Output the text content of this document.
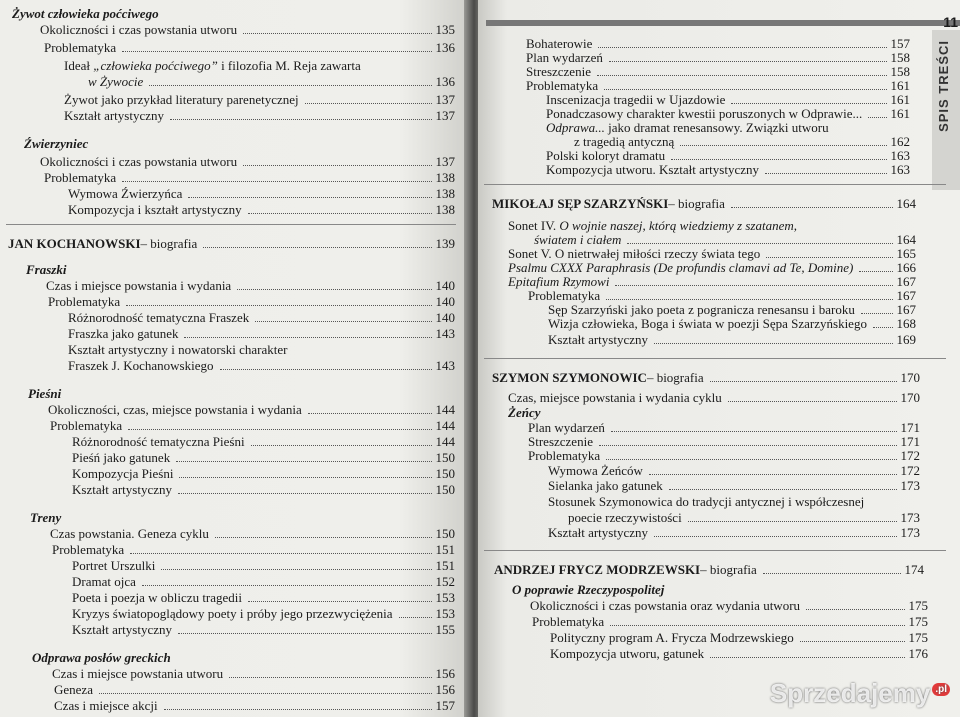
Żywot człowieka poćciwego
Okoliczności i czas powstania utworu	135
Problematyka	136
Ideał „człowieka poćciwego” i filozofia M. Reja zawarta
w Żywocie	136
Żywot jako przykład literatury parenetycznej	137
Kształt artystyczny	137
Źwierzyniec
Okoliczności i czas powstania utworu	137
Problematyka	138
Wymowa Źwierzyńca	138
Kompozycja i kształt artystyczny	138
JAN KOCHANOWSKI – biografia	139
Fraszki
Czas i miejsce powstania i wydania	140
Problematyka	140
Różnorodność tematyczna Fraszek	140
Fraszka jako gatunek	143
Kształt artystyczny i nowatorski charakter
Fraszek J. Kochanowskiego	143
Pieśni
Okoliczności, czas, miejsce powstania i wydania	144
Problematyka	144
Różnorodność tematyczna Pieśni	144
Pieśń jako gatunek	150
Kompozycja Pieśni	150
Kształt artystyczny	150
Treny
Czas powstania. Geneza cyklu	150
Problematyka	151
Portret Urszulki	151
Dramat ojca	152
Poeta i poezja w obliczu tragedii	153
Kryzys światopoglądowy poety i próby jego przezwyciężenia	153
Kształt artystyczny	155
Odprawa posłów greckich
Czas i miejsce powstania utworu	156
Geneza	156
Czas i miejsce akcji	157
11
SPIS TREŚCI
Bohaterowie	157
Plan wydarzeń	158
Streszczenie	158
Problematyka	161
Inscenizacja tragedii w Ujazdowie	161
Ponadczasowy charakter kwestii poruszonych w Odprawie... 161
Odprawa... jako dramat renesansowy. Związki utworu
z tragedią antyczną	162
Polski koloryt dramatu	163
Kompozycja utworu. Kształt artystyczny	163
MIKOŁAJ SĘP SZARZYŃSKI – biografia	164
Sonet IV. O wojnie naszej, którą wiedziemy z szatanem,
światem i ciałem	164
Sonet V. O nietrwałej miłości rzeczy świata tego	165
Psalmu CXXX Paraphrasis (De profundis clamavi ad Te, Domine)	166
Epitafium Rzymowi	167
Problematyka	167
Sęp Szarzyński jako poeta z pogranicza renesansu i baroku	167
Wizja człowieka, Boga i świata w poezji Sępa Szarzyńskiego 168
Kształt artystyczny	169
SZYMON SZYMONOWIC – biografia	170
Czas, miejsce powstania i wydania cyklu	170
Żeńcy
Plan wydarzeń	171
Streszczenie	171
Problematyka	172
Wymowa Żeńców	172
Sielanka jako gatunek	173
Stosunek Szymonowica do tradycji antycznej i współczesnej
poecie rzeczywistości	173
Kształt artystyczny	173
ANDRZEJ FRYCZ MODRZEWSKI – biografia	174
O poprawie Rzeczypospolitej
Okoliczności i czas powstania oraz wydania utworu	175
Problematyka	175
Polityczny program A. Frycza Modrzewskiego	175
Kompozycja utworu, gatunek	176
Sprzedajemy $^{.pl}$
